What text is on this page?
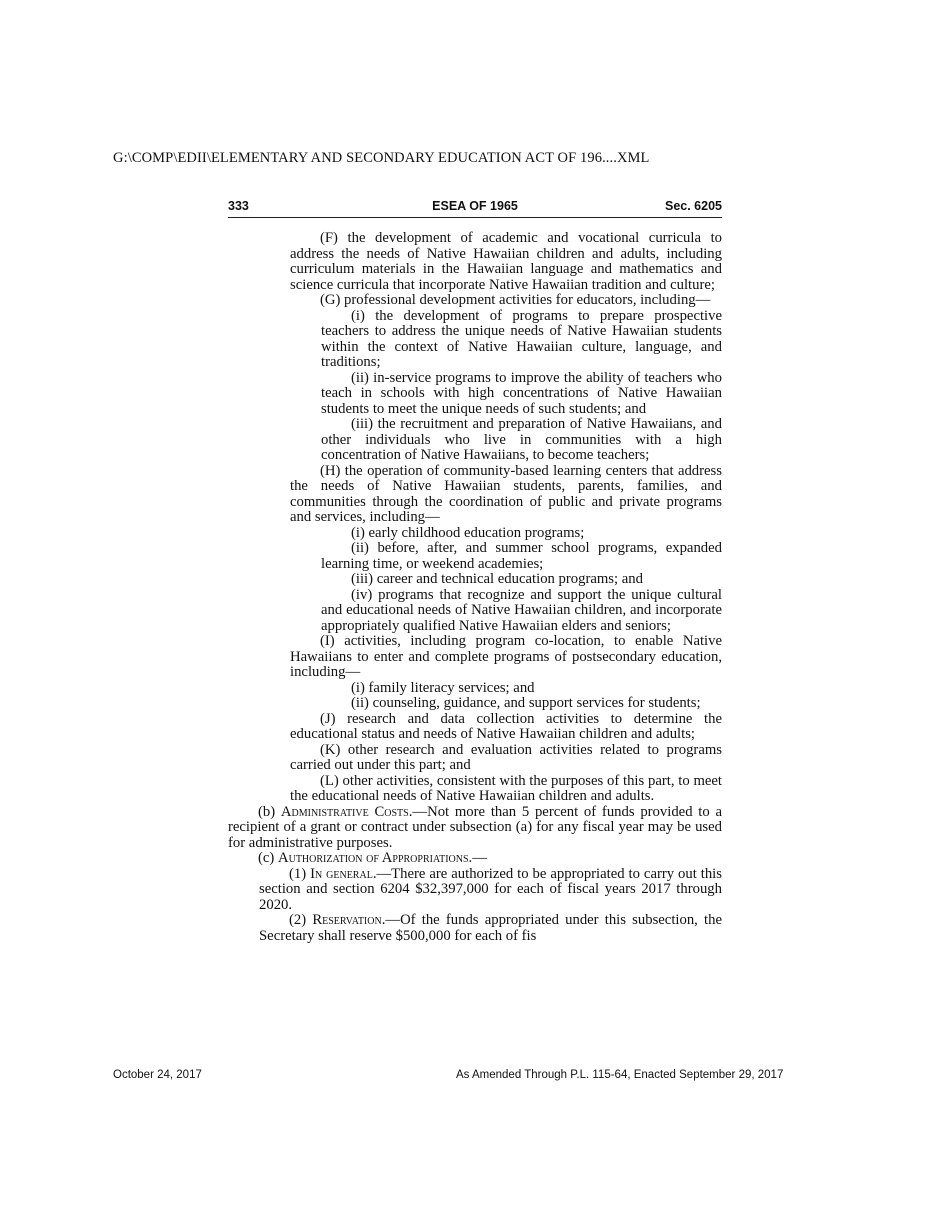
G:\COMP\EDII\ELEMENTARY AND SECONDARY EDUCATION ACT OF 196....XML
333	ESEA OF 1965	Sec. 6205

(F) the development of academic and vocational curricula to address the needs of Native Hawaiian children and adults, including curriculum materials in the Hawaiian language and mathematics and science curricula that incorporate Native Hawaiian tradition and culture;

(G) professional development activities for educators, including—

(i) the development of programs to prepare prospective teachers to address the unique needs of Native Hawaiian students within the context of Native Hawaiian culture, language, and traditions;

(ii) in-service programs to improve the ability of teachers who teach in schools with high concentrations of Native Hawaiian students to meet the unique needs of such students; and

(iii) the recruitment and preparation of Native Hawaiians, and other individuals who live in communities with a high concentration of Native Hawaiians, to become teachers;

(H) the operation of community-based learning centers that address the needs of Native Hawaiian students, parents, families, and communities through the coordination of public and private programs and services, including—

(i) early childhood education programs;

(ii) before, after, and summer school programs, expanded learning time, or weekend academies;

(iii) career and technical education programs; and

(iv) programs that recognize and support the unique cultural and educational needs of Native Hawaiian children, and incorporate appropriately qualified Native Hawaiian elders and seniors;

(I) activities, including program co-location, to enable Native Hawaiians to enter and complete programs of postsecondary education, including—

(i) family literacy services; and

(ii) counseling, guidance, and support services for students;

(J) research and data collection activities to determine the educational status and needs of Native Hawaiian children and adults;

(K) other research and evaluation activities related to programs carried out under this part; and

(L) other activities, consistent with the purposes of this part, to meet the educational needs of Native Hawaiian children and adults.

(b) Administrative Costs.—Not more than 5 percent of funds provided to a recipient of a grant or contract under subsection (a) for any fiscal year may be used for administrative purposes.

(c) Authorization of Appropriations.—

(1) In general.—There are authorized to be appropriated to carry out this section and section 6204 $32,397,000 for each of fiscal years 2017 through 2020.

(2) Reservation.—Of the funds appropriated under this subsection, the Secretary shall reserve $500,000 for each of fis

October 24, 2017	As Amended Through P.L. 115-64, Enacted September 29, 2017
